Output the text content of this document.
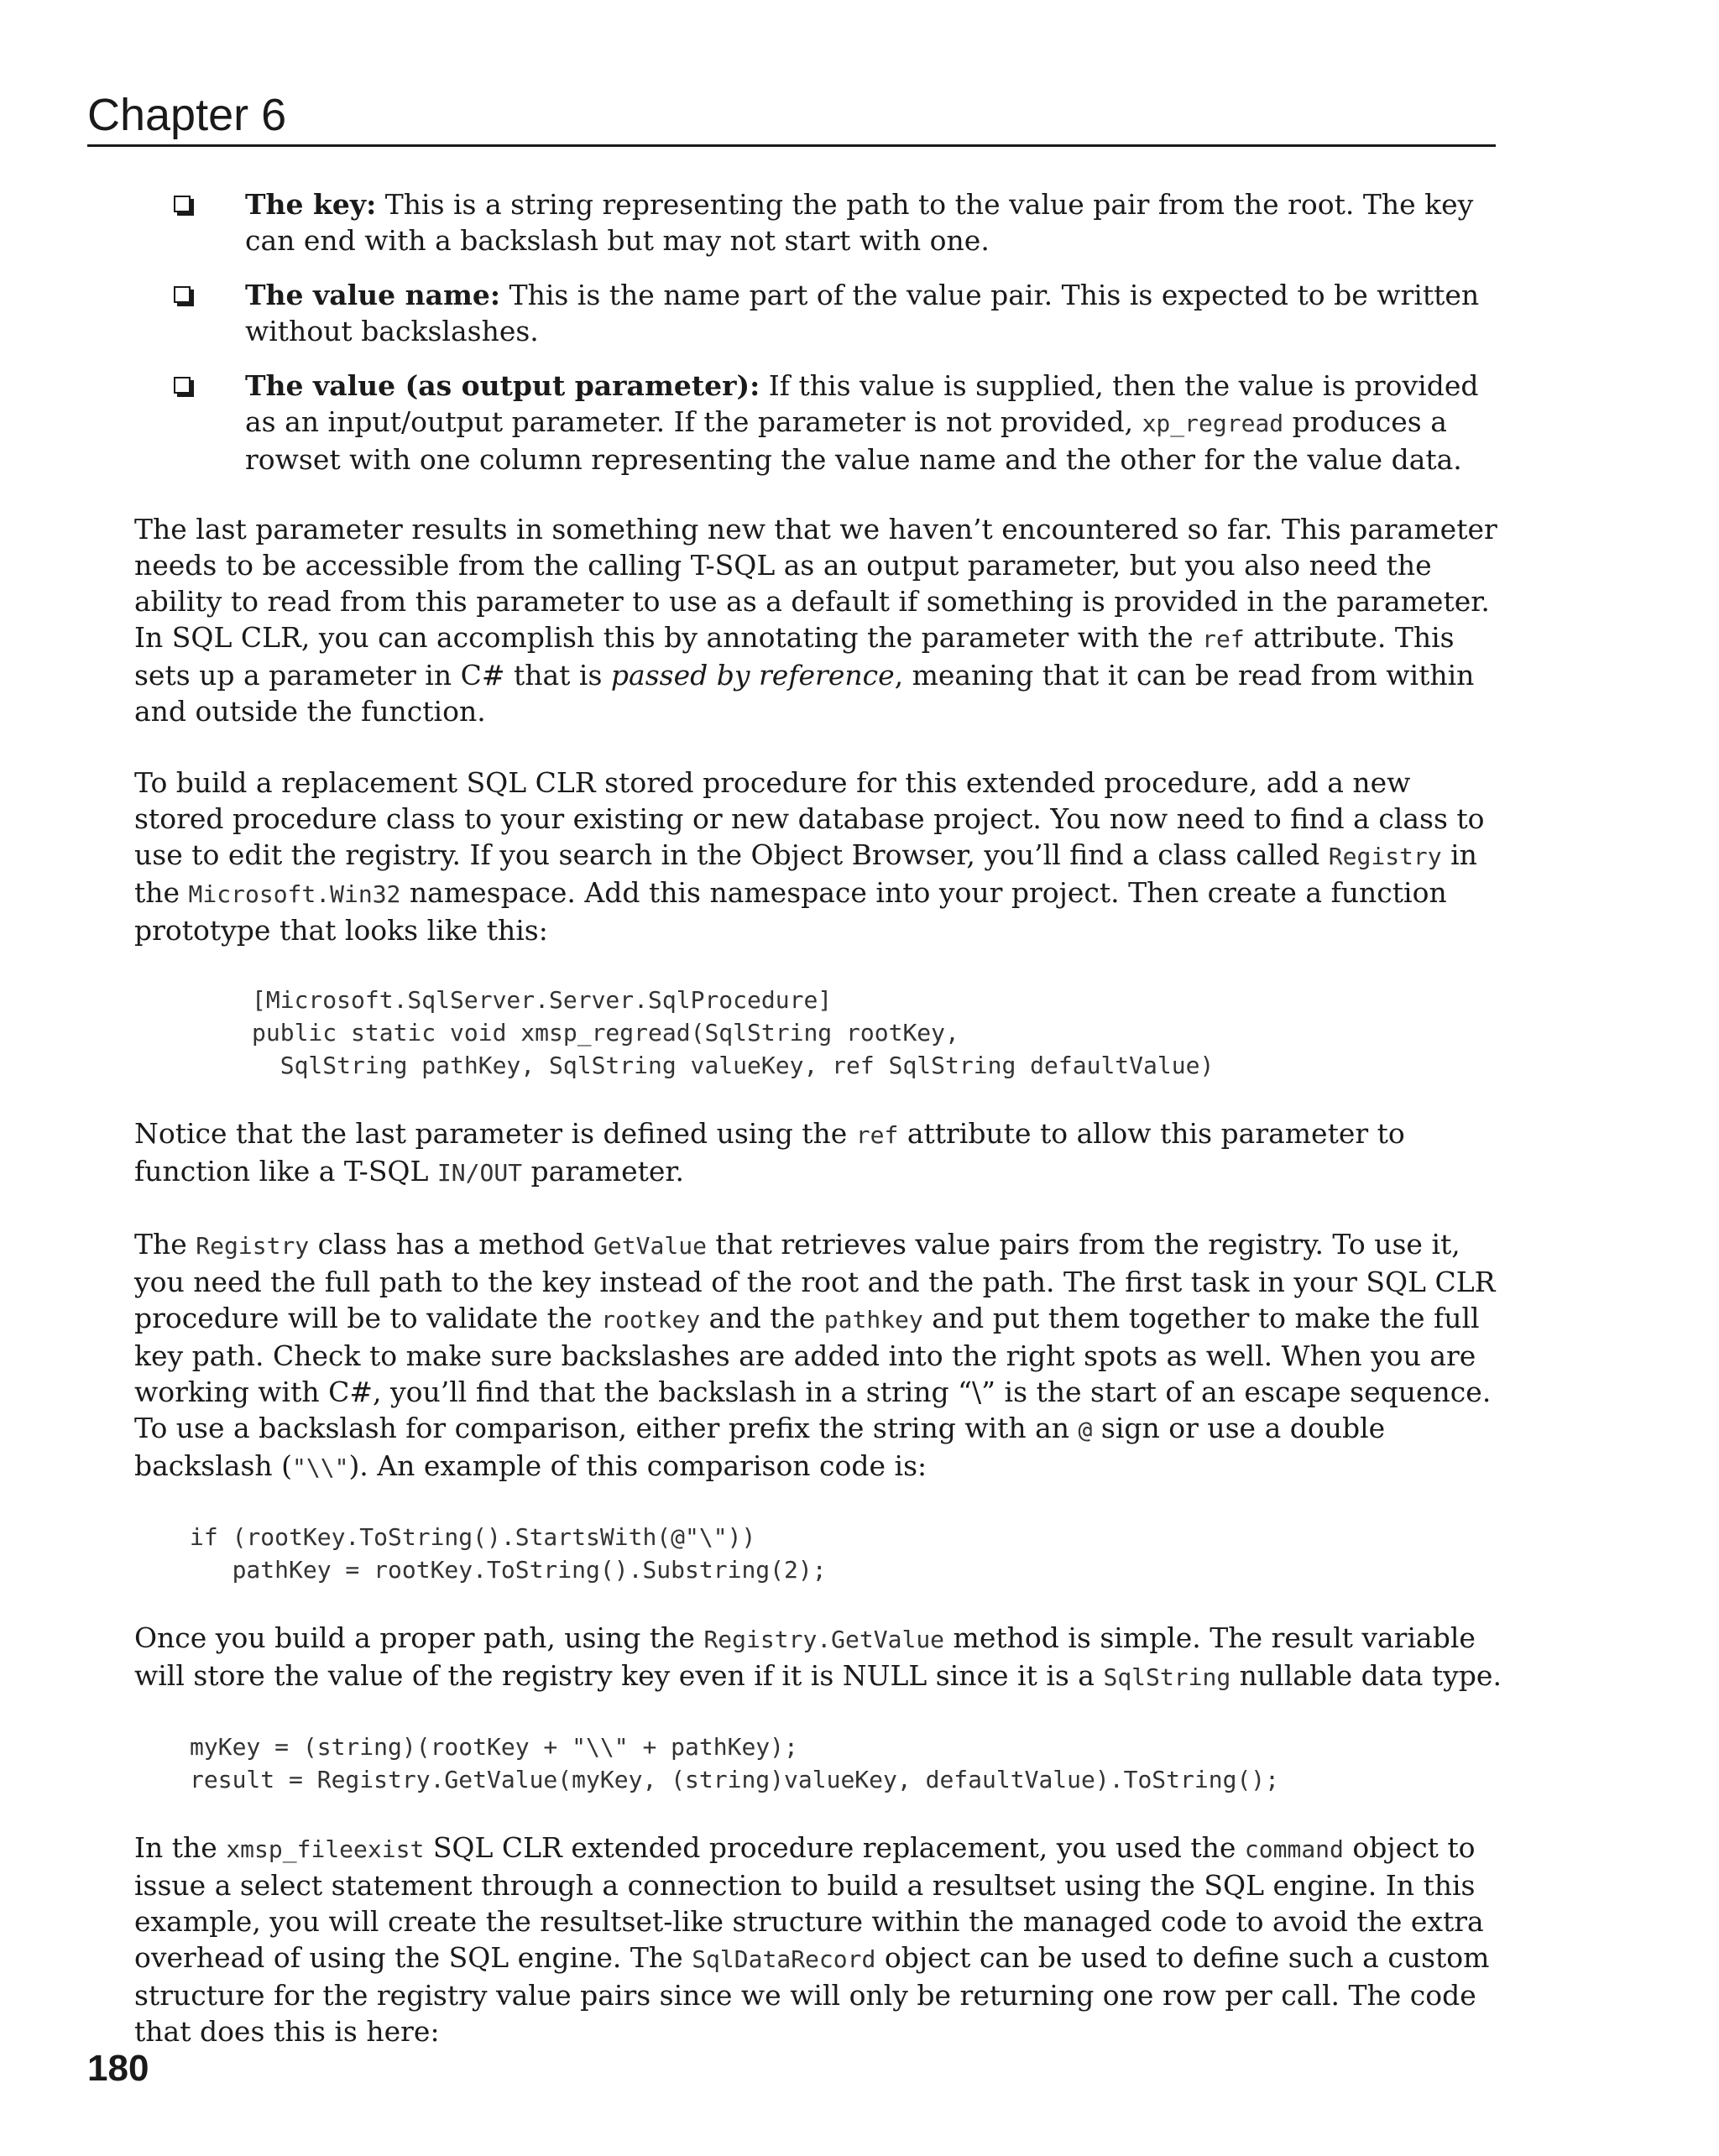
Chapter 6
The key: This is a string representing the path to the value pair from the root. The key can end with a backslash but may not start with one.
The value name: This is the name part of the value pair. This is expected to be written without backslashes.
The value (as output parameter): If this value is supplied, then the value is provided as an input/output parameter. If the parameter is not provided, xp_regread produces a rowset with one column representing the value name and the other for the value data.

The last parameter results in something new that we haven’t encountered so far. This parameter needs to be accessible from the calling T-SQL as an output parameter, but you also need the ability to read from this parameter to use as a default if something is provided in the parameter. In SQL CLR, you can accomplish this by annotating the parameter with the ref attribute. This sets up a parameter in C# that is passed by reference, meaning that it can be read from within and outside the function.

To build a replacement SQL CLR stored procedure for this extended procedure, add a new stored procedure class to your existing or new database project. You now need to find a class to use to edit the registry. If you search in the Object Browser, you’ll find a class called Registry in the Microsoft.Win32 namespace. Add this namespace into your project. Then create a function prototype that looks like this:

[Microsoft.SqlServer.Server.SqlProcedure]
public static void xmsp_regread(SqlString rootKey,
SqlString pathKey, SqlString valueKey, ref SqlString defaultValue)

Notice that the last parameter is defined using the ref attribute to allow this parameter to function like a T-SQL IN/OUT parameter.

The Registry class has a method GetValue that retrieves value pairs from the registry. To use it, you need the full path to the key instead of the root and the path. The first task in your SQL CLR procedure will be to validate the rootkey and the pathkey and put them together to make the full key path. Check to make sure backslashes are added into the right spots as well. When you are working with C#, you’ll find that the backslash in a string “\” is the start of an escape sequence. To use a backslash for comparison, either prefix the string with an @ sign or use a double backslash ("\\"). An example of this comparison code is:

if (rootKey.ToString().StartsWith(@"\"))
pathKey = rootKey.ToString().Substring(2);

Once you build a proper path, using the Registry.GetValue method is simple. The result variable will store the value of the registry key even if it is NULL since it is a SqlString nullable data type.

myKey = (string)(rootKey + "\\" + pathKey);
result = Registry.GetValue(myKey, (string)valueKey, defaultValue).ToString();

In the xmsp_fileexist SQL CLR extended procedure replacement, you used the command object to issue a select statement through a connection to build a resultset using the SQL engine. In this example, you will create the resultset-like structure within the managed code to avoid the extra overhead of using the SQL engine. The SqlDataRecord object can be used to define such a custom structure for the registry value pairs since we will only be returning one row per call. The code that does this is here:

180
